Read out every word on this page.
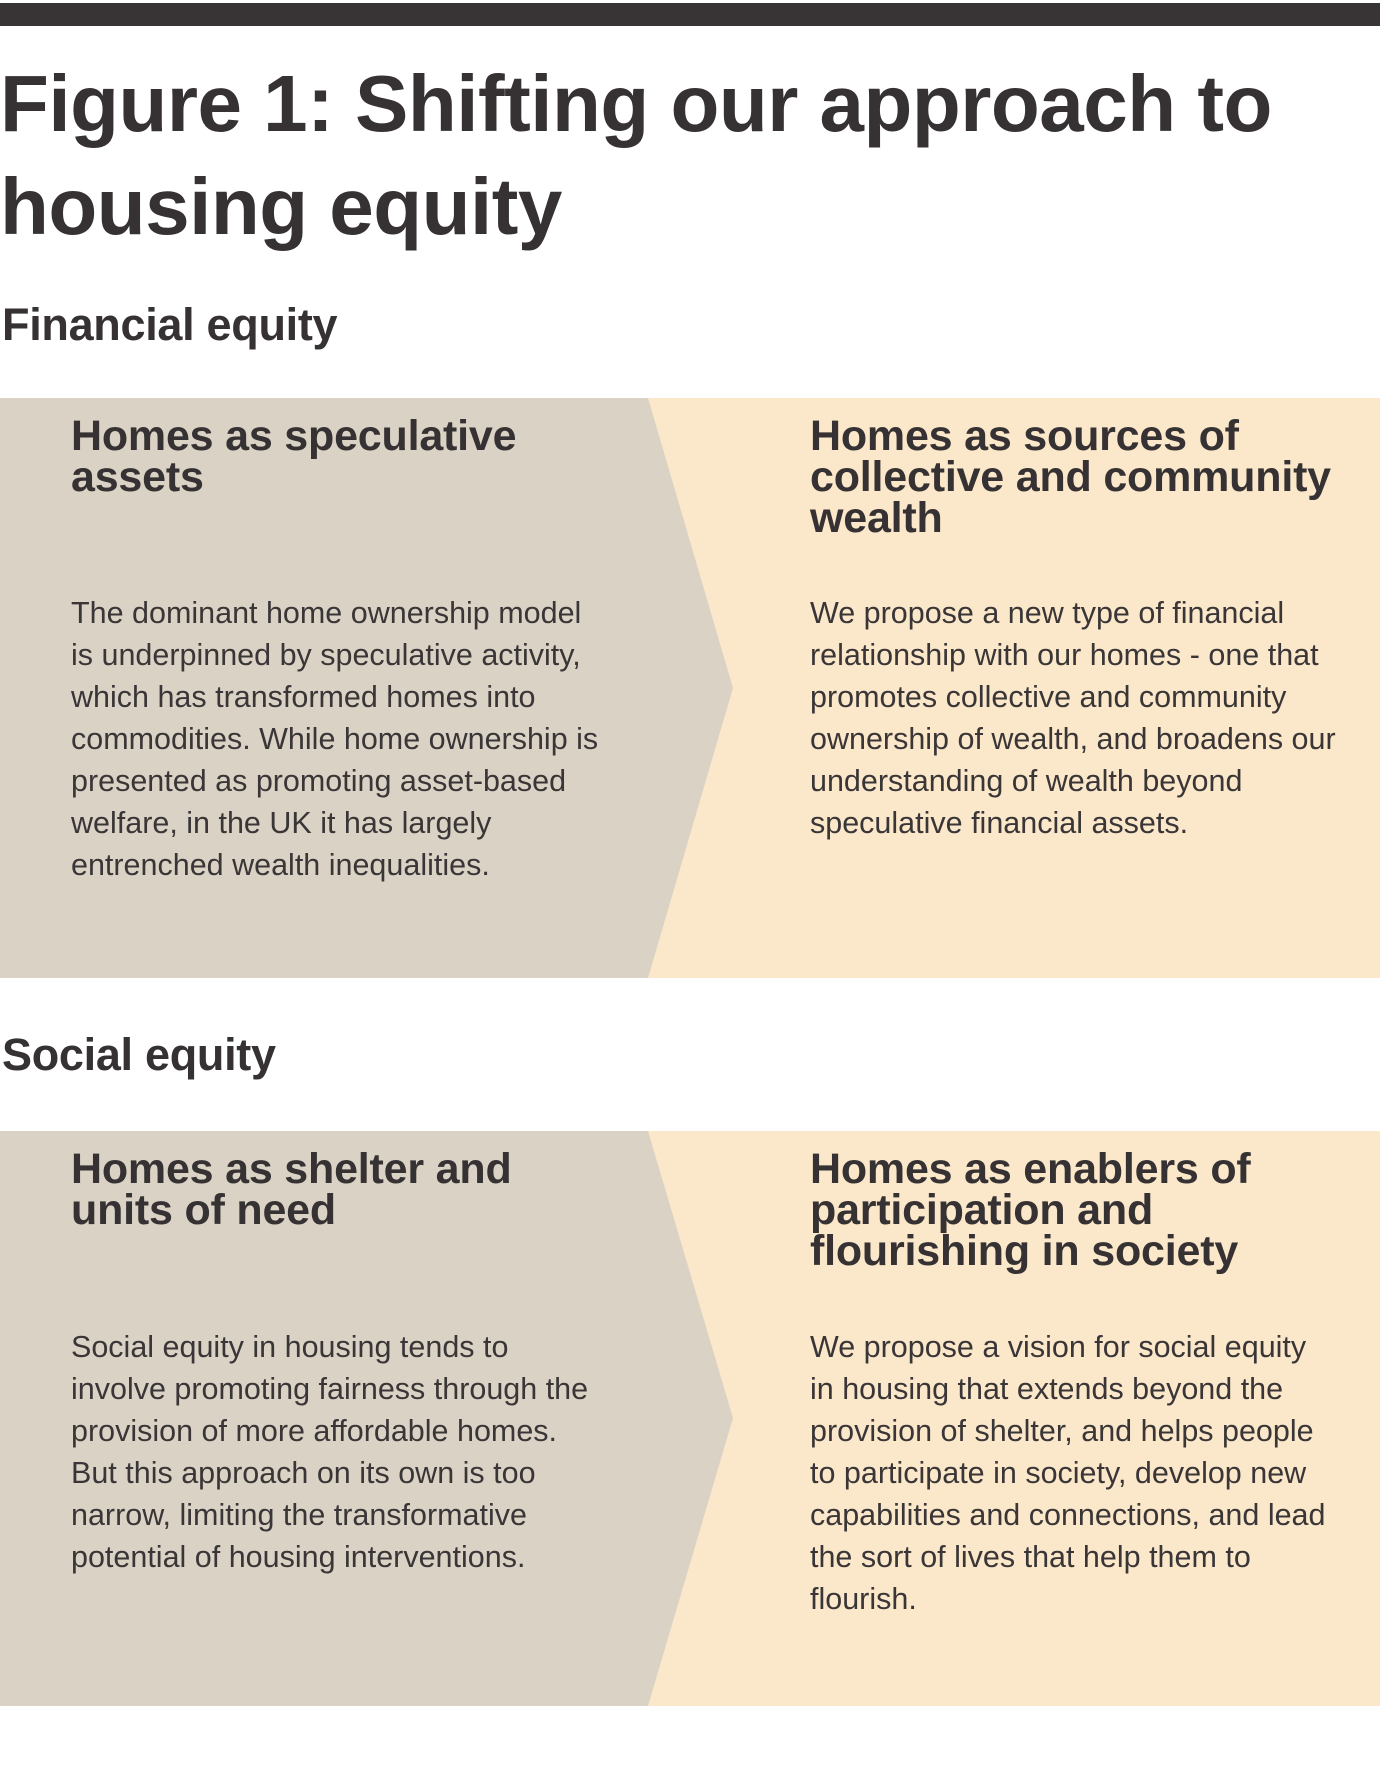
Figure 1: Shifting our approach to
housing equity
Financial equity
Homes as speculative
assets

The dominant home ownership model
is underpinned by speculative activity,
which has transformed homes into
commodities. While home ownership is
presented as promoting asset-based
welfare, in the UK it has largely
entrenched wealth inequalities.

Homes as sources of
collective and community
wealth

We propose a new type of financial
relationship with our homes - one that
promotes collective and community
ownership of wealth, and broadens our
understanding of wealth beyond
speculative financial assets.

Social equity
Homes as shelter and
units of need

Social equity in housing tends to
involve promoting fairness through the
provision of more affordable homes.
But this approach on its own is too
narrow, limiting the transformative
potential of housing interventions.

Homes as enablers of
participation and
flourishing in society

We propose a vision for social equity
in housing that extends beyond the
provision of shelter, and helps people
to participate in society, develop new
capabilities and connections, and lead
the sort of lives that help them to
flourish.
